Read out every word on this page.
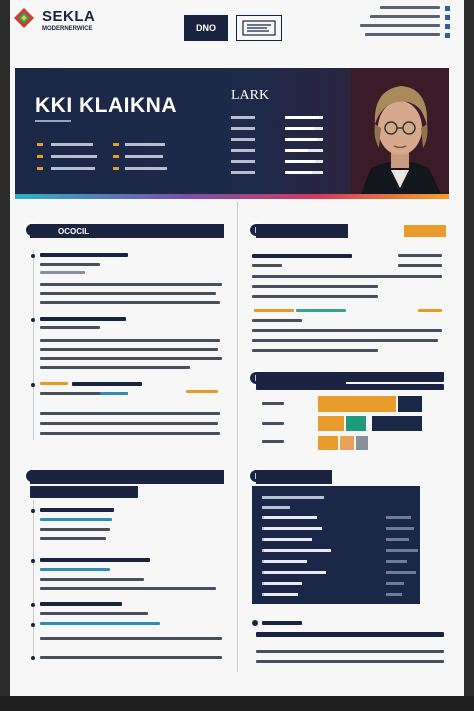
SEKLA
MODERNERWICE	DNO
KKI KLAIKNA	LARK
OCOCIL
